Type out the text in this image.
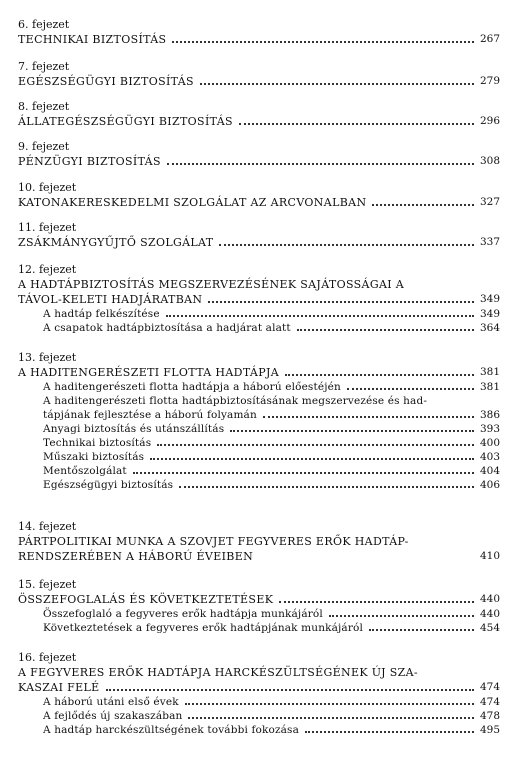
6. fejezet
TECHNIKAI BIZTOSÍTÁS	267
7. fejezet
EGÉSZSÉGÜGYI BIZTOSÍTÁS	279
8. fejezet
ÁLLATEGÉSZSÉGÜGYI BIZTOSÍTÁS	296
9. fejezet
PÉNZÜGYI BIZTOSÍTÁS	308
10. fejezet
KATONAKERESKEDELMI SZOLGÁLAT AZ ARCVONALBAN	327
11. fejezet
ZSÁKMÁNYGYŰJTŐ SZOLGÁLAT	337
12. fejezet
A HADTÁPBIZTOSÍTÁS MEGSZERVEZÉSÉNEK SAJÁTOSSÁGAI A
TÁVOL-KELETI HADJÁRATBAN	349
A hadtáp felkészítése	349
A csapatok hadtápbiztosítása a hadjárat alatt	364
13. fejezet
A HADITENGERÉSZETI FLOTTA HADTÁPJA	381
A haditengerészeti flotta hadtápja a háború előestéjén	381
A haditengerészeti flotta hadtápbiztosításának megszervezése és had-
tápjának fejlesztése a háború folyamán	386
Anyagi biztosítás és utánszállítás	393
Technikai biztosítás	400
Műszaki biztosítás	403
Mentőszolgálat	404
Egészségügyi biztosítás	406
14. fejezet
PÁRTPOLITIKAI MUNKA A SZOVJET FEGYVERES ERŐK HADTÁP-
RENDSZERÉBEN A HÁBORÚ ÉVEIBEN	410
15. fejezet
ÖSSZEFOGLALÁS ÉS KÖVETKEZTETÉSEK	440
Összefoglaló a fegyveres erők hadtápja munkájáról	440
Következtetések a fegyveres erők hadtápjának munkájáról	454
16. fejezet
A FEGYVERES ERŐK HADTÁPJA HARCKÉSZÜLTSÉGÉNEK ÚJ SZA-
KASZAI FELÉ	474
A háború utáni első évek	474
A fejlődés új szakaszában	478
A hadtáp harckészültségének további fokozása	495
